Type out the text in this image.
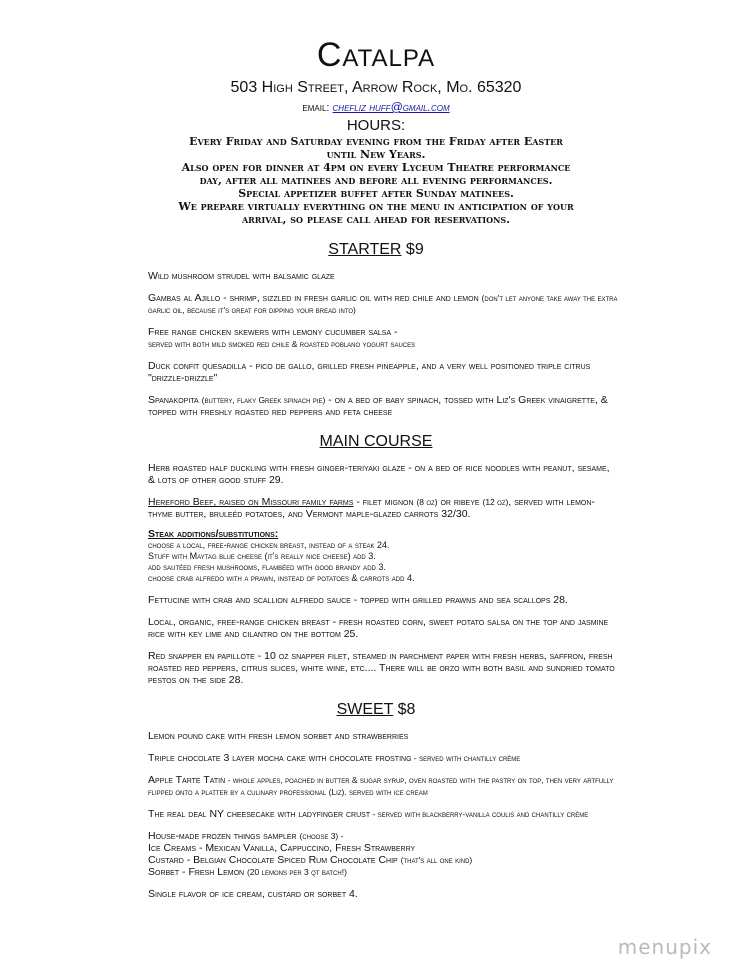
Catalpa
503 High Street, Arrow Rock, Mo. 65320
email: chefliz huff@gmail.com
HOURS:
Every Friday and Saturday evening from the Friday after Easter
until New Years.
Also open for dinner at 4pm on every Lyceum Theatre performance
day, after all matinees and before all evening performances.
Special appetizer buffet after Sunday matinees.
We prepare virtually everything on the menu in anticipation of your
arrival, so please call ahead for reservations.
STARTER $9
Wild mushroom strudel with balsamic glaze
Gambas al Ajillo - shrimp, sizzled in fresh garlic oil with red chile and lemon (don't let anyone take away the extra garlic oil, because it's great for dipping your bread into)
Free range chicken skewers with lemony cucumber salsa -
served with both mild smoked red chile & roasted poblano yogurt sauces
Duck confit quesadilla - pico de gallo, grilled fresh pineapple, and a very well positioned triple citrus "drizzle-drizzle"
Spanakopita (buttery, flaky Greek spinach pie) - on a bed of baby spinach, tossed with Liz's Greek vinaigrette, & topped with freshly roasted red peppers and feta cheese
MAIN COURSE
Herb roasted half duckling with fresh ginger-teriyaki glaze - on a bed of rice noodles with peanut, sesame, & lots of other good stuff 29.
Hereford Beef, raised on Missouri family farms - filet mignon (8 oz) or ribeye (12 oz), served with lemon-thyme butter, bruleéd potatoes, and Vermont maple-glazed carrots 32/30.
Steak additions/substitutions:
choose a local, free-range chicken breast, instead of a steak 24.
Stuff with Maytag blue cheese (it's really nice cheese) add 3.
add sautéed fresh mushrooms, flambéed with good brandy add 3.
choose crab alfredo with a prawn, instead of potatoes & carrots add 4.
Fettucine with crab and scallion alfredo sauce - topped with grilled prawns and sea scallops 28.
Local, organic, free-range chicken breast - fresh roasted corn, sweet potato salsa on the top and jasmine rice with key lime and cilantro on the bottom 25.
Red snapper en papillote - 10 oz snapper filet, steamed in parchment paper with fresh herbs, saffron, fresh roasted red peppers, citrus slices, white wine, etc.... There will be orzo with both basil and sundried tomato pestos on the side 28.
SWEET $8
Lemon pound cake with fresh lemon sorbet and strawberries
Triple chocolate 3 layer mocha cake with chocolate frosting - served with chantilly crème
Apple Tarte Tatin - whole apples, poached in butter & sugar syrup, oven roasted with the pastry on top, then very artfully flipped onto a platter by a culinary professional (Liz). served with ice cream
The real deal NY cheesecake with ladyfinger crust - served with blackberry-vanilla coulis and chantilly crème
House-made frozen things sampler (choose 3) -
Ice Creams - Mexican Vanilla, Cappuccino, Fresh Strawberry
Custard - Belgian Chocolate Spiced Rum Chocolate Chip (that's all one kind)
Sorbet - Fresh Lemon (20 lemons per 3 qt batch!)
Single flavor of ice cream, custard or sorbet 4.
menupix
